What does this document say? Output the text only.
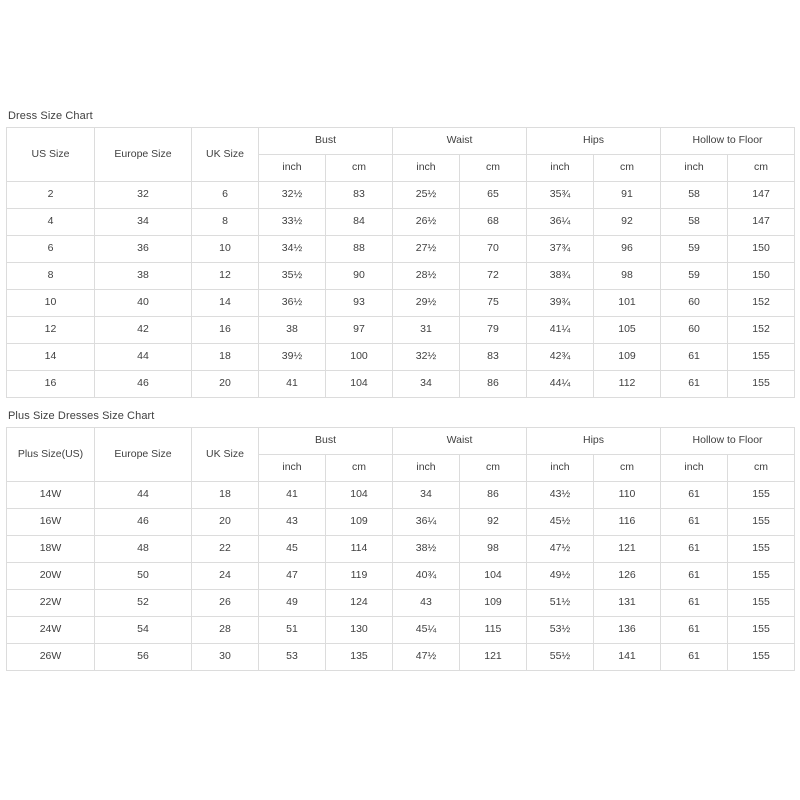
Dress Size Chart
US Size	Europe Size	UK Size	Bust		Waist		Hips		Hollow to Floor	
			inch	cm	inch	cm	inch	cm	inch	cm
2	32	6	32½	83	25½	65	35¾	91	58	147
4	34	8	33½	84	26½	68	36¼	92	58	147
6	36	10	34½	88	27½	70	37¾	96	59	150
8	38	12	35½	90	28½	72	38¾	98	59	150
10	40	14	36½	93	29½	75	39¾	101	60	152
12	42	16	38	97	31	79	41¼	105	60	152
14	44	18	39½	100	32½	83	42¾	109	61	155
16	46	20	41	104	34	86	44¼	112	61	155
Plus Size Dresses Size Chart
Plus Size(US)	Europe Size	UK Size	Bust		Waist		Hips		Hollow to Floor	
			inch	cm	inch	cm	inch	cm	inch	cm
14W	44	18	41	104	34	86	43½	110	61	155
16W	46	20	43	109	36¼	92	45½	116	61	155
18W	48	22	45	114	38½	98	47½	121	61	155
20W	50	24	47	119	40¾	104	49½	126	61	155
22W	52	26	49	124	43	109	51½	131	61	155
24W	54	28	51	130	45¼	115	53½	136	61	155
26W	56	30	53	135	47½	121	55½	141	61	155
